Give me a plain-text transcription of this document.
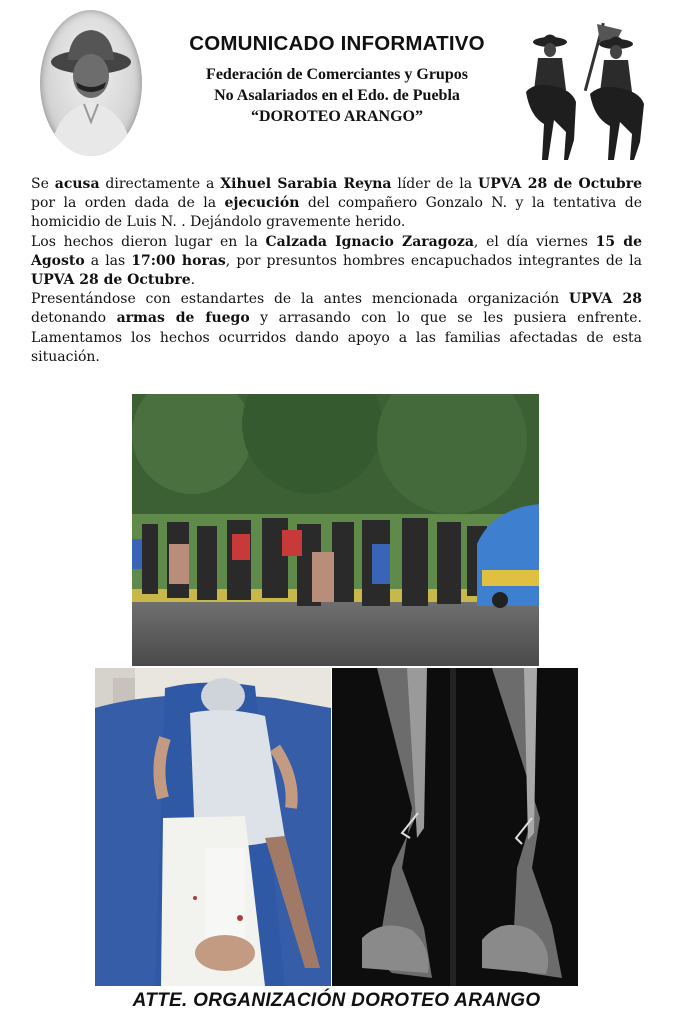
COMUNICADO INFORMATIVO
Federación de Comerciantes y Grupos
No Asalariados en el Edo. de Puebla
“DOROTEO ARANGO”

Se acusa directamente a Xihuel Sarabia Reyna líder de la UPVA 28 de Octubre por la orden dada de la ejecución del compañero Gonzalo N. y la tentativa de homicidio de Luis N. . Dejándolo gravemente herido.

Los hechos dieron lugar en la Calzada Ignacio Zaragoza, el día viernes 15 de Agosto a las 17:00 horas, por presuntos hombres encapuchados integrantes de la UPVA 28 de Octubre.

Presentándose con estandartes de la antes mencionada organización UPVA 28 detonando armas de fuego y arrasando con lo que se les pusiera enfrente. Lamentamos los hechos ocurridos dando apoyo a las familias afectadas de esta situación.

ATTE. ORGANIZACIÓN DOROTEO ARANGO
